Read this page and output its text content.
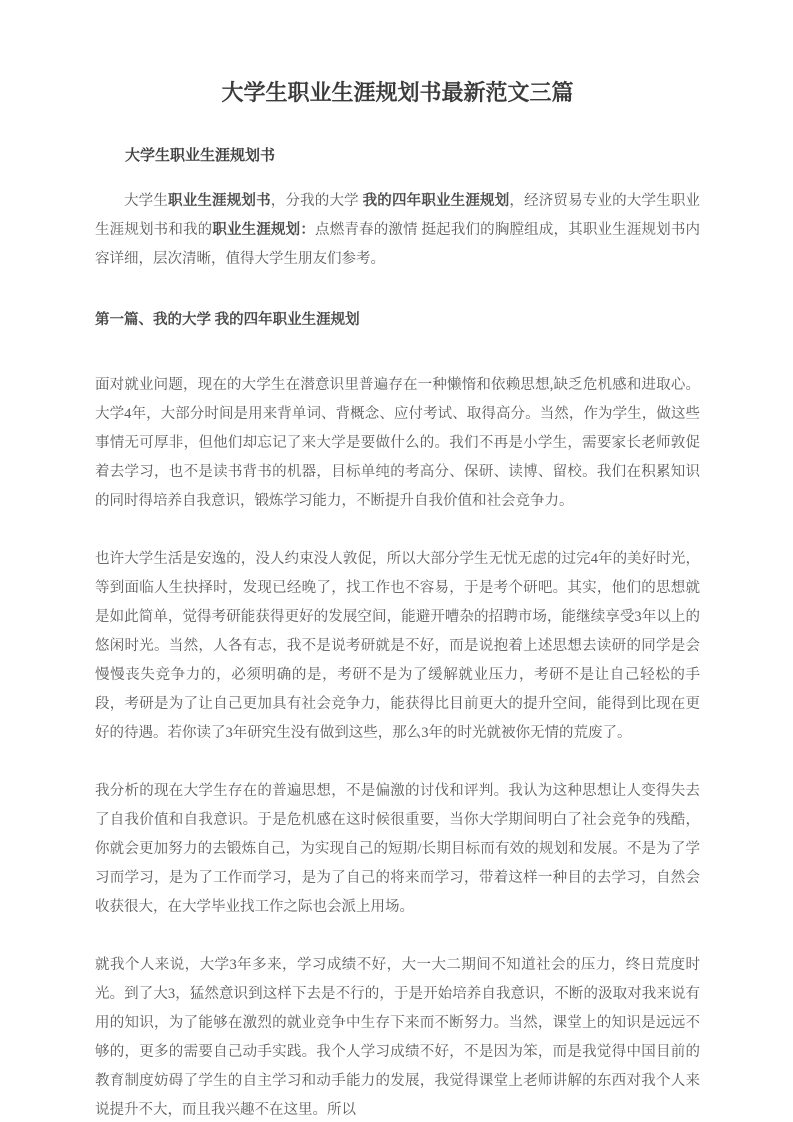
大学生职业生涯规划书最新范文三篇
大学生职业生涯规划书

大学生职业生涯规划书，分我的大学 我的四年职业生涯规划，经济贸易专业的大学生职业生涯规划书和我的职业生涯规划：点燃青春的激情 挺起我们的胸膛组成，其职业生涯规划书内容详细，层次清晰，值得大学生朋友们参考。

第一篇、我的大学 我的四年职业生涯规划

面对就业问题，现在的大学生在潜意识里普遍存在一种懒惰和依赖思想,缺乏危机感和进取心。大学4年，大部分时间是用来背单词、背概念、应付考试、取得高分。当然，作为学生，做这些事情无可厚非，但他们却忘记了来大学是要做什么的。我们不再是小学生，需要家长老师敦促着去学习，也不是读书背书的机器，目标单纯的考高分、保研、读博、留校。我们在积累知识的同时得培养自我意识，锻炼学习能力，不断提升自我价值和社会竞争力。

也许大学生活是安逸的，没人约束没人敦促，所以大部分学生无忧无虑的过完4年的美好时光，等到面临人生抉择时，发现已经晚了，找工作也不容易，于是考个研吧。其实，他们的思想就是如此简单，觉得考研能获得更好的发展空间，能避开嘈杂的招聘市场，能继续享受3年以上的悠闲时光。当然，人各有志，我不是说考研就是不好，而是说抱着上述思想去读研的同学是会慢慢丧失竞争力的，必须明确的是，考研不是为了缓解就业压力，考研不是让自己轻松的手段，考研是为了让自己更加具有社会竞争力，能获得比目前更大的提升空间，能得到比现在更好的待遇。若你读了3年研究生没有做到这些，那么3年的时光就被你无情的荒废了。

我分析的现在大学生存在的普遍思想，不是偏激的讨伐和评判。我认为这种思想让人变得失去了自我价值和自我意识。于是危机感在这时候很重要，当你大学期间明白了社会竞争的残酷，你就会更加努力的去锻炼自己，为实现自己的短期/长期目标而有效的规划和发展。不是为了学习而学习，是为了工作而学习，是为了自己的将来而学习，带着这样一种目的去学习，自然会收获很大，在大学毕业找工作之际也会派上用场。

就我个人来说，大学3年多来，学习成绩不好，大一大二期间不知道社会的压力，终日荒度时光。到了大3，猛然意识到这样下去是不行的，于是开始培养自我意识，不断的汲取对我来说有用的知识，为了能够在激烈的就业竞争中生存下来而不断努力。当然，课堂上的知识是远远不够的，更多的需要自己动手实践。我个人学习成绩不好，不是因为笨，而是我觉得中国目前的教育制度妨碍了学生的自主学习和动手能力的发展，我觉得课堂上老师讲解的东西对我个人来说提升不大，而且我兴趣不在这里。所以
